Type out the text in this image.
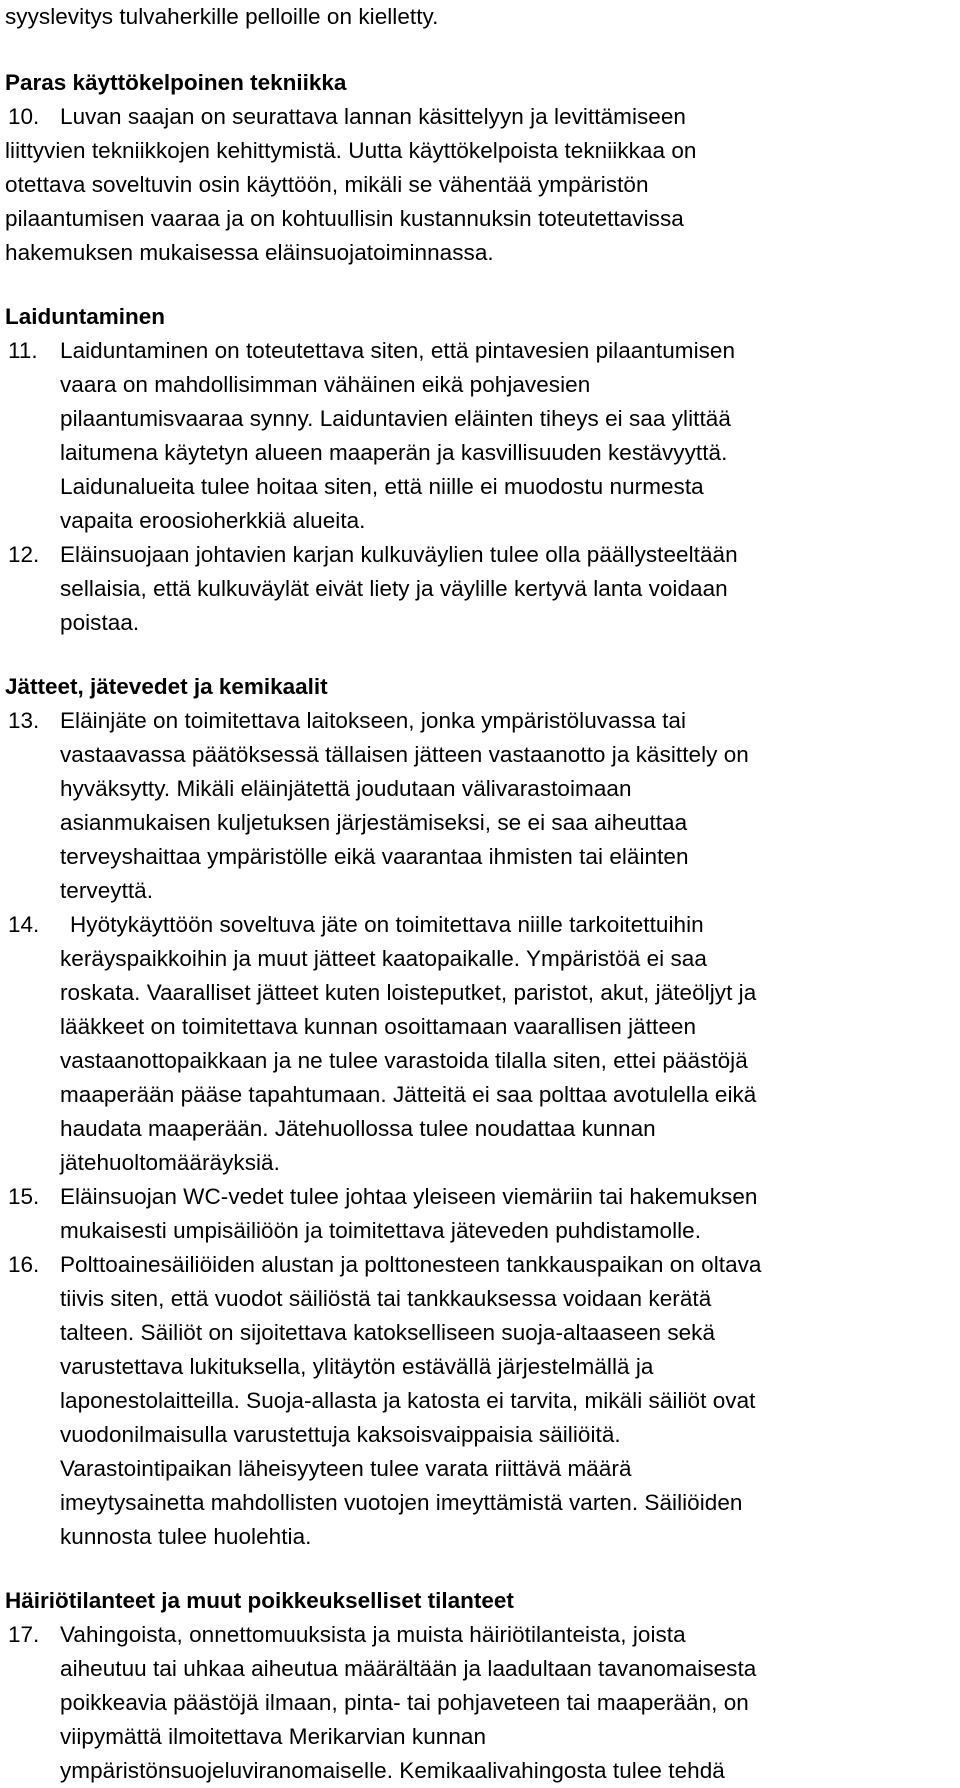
syyslevitys tulvaherkille pelloille on kielletty.
Paras käyttökelpoinen tekniikka
10. Luvan saajan on seurattava lannan käsittelyyn ja levittämiseen
liittyvien tekniikkojen kehittymistä. Uutta käyttökelpoista tekniikkaa on
otettava soveltuvin osin käyttöön, mikäli se vähentää ympäristön
pilaantumisen vaaraa ja on kohtuullisin kustannuksin toteutettavissa
hakemuksen mukaisessa eläinsuojatoiminnassa.
Laiduntaminen
11. Laiduntaminen on toteutettava siten, että pintavesien pilaantumisen
vaara on mahdollisimman vähäinen eikä pohjavesien
pilaantumisvaaraa synny. Laiduntavien eläinten tiheys ei saa ylittää
laitumena käytetyn alueen maaperän ja kasvillisuuden kestävyyttä.
Laidunalueita tulee hoitaa siten, että niille ei muodostu nurmesta
vapaita eroosioherkkiä alueita.
12. Eläinsuojaan johtavien karjan kulkuväylien tulee olla päällysteeltään
sellaisia, että kulkuväylät eivät liety ja väylille kertyvä lanta voidaan
poistaa.
Jätteet, jätevedet ja kemikaalit
13. Eläinjäte on toimitettava laitokseen, jonka ympäristöluvassa tai
vastaavassa päätöksessä tällaisen jätteen vastaanotto ja käsittely on
hyväksytty. Mikäli eläinjätettä joudutaan välivarastoimaan
asianmukaisen kuljetuksen järjestämiseksi, se ei saa aiheuttaa
terveyshaittaa ympäristölle eikä vaarantaa ihmisten tai eläinten
terveyttä.
14. Hyötykäyttöön soveltuva jäte on toimitettava niille tarkoitettuihin
keräyspaikkoihin ja muut jätteet kaatopaikalle. Ympäristöä ei saa
roskata. Vaaralliset jätteet kuten loisteputket, paristot, akut, jäteöljyt ja
lääkkeet on toimitettava kunnan osoittamaan vaarallisen jätteen
vastaanottopaikkaan ja ne tulee varastoida tilalla siten, ettei päästöjä
maaperään pääse tapahtumaan. Jätteitä ei saa polttaa avotulella eikä
haudata maaperään. Jätehuollossa tulee noudattaa kunnan
jätehuoltomääräyksiä.
15. Eläinsuojan WC-vedet tulee johtaa yleiseen viemäriin tai hakemuksen
mukaisesti umpisäiliöön ja toimitettava jäteveden puhdistamolle.
16. Polttoainesäiliöiden alustan ja polttonesteen tankkauspaikan on oltava
tiivis siten, että vuodot säiliöstä tai tankkauksessa voidaan kerätä
talteen. Säiliöt on sijoitettava katokselliseen suoja-altaaseen sekä
varustettava lukituksella, ylitäytön estävällä järjestelmällä ja
laponestolaitteilla. Suoja-allasta ja katosta ei tarvita, mikäli säiliöt ovat
vuodonilmaisulla varustettuja kaksoisvaippaisia säiliöitä.
Varastointipaikan läheisyyteen tulee varata riittävä määrä
imeytysainetta mahdollisten vuotojen imeyttämistä varten. Säiliöiden
kunnosta tulee huolehtia.
Häiriötilanteet ja muut poikkeukselliset tilanteet
17. Vahingoista, onnettomuuksista ja muista häiriötilanteista, joista
aiheutuu tai uhkaa aiheutua määrältään ja laadultaan tavanomaisesta
poikkeavia päästöjä ilmaan, pinta- tai pohjaveteen tai maaperään, on
viipymättä ilmoitettava Merikarvian kunnan
ympäristönsuojeluviranomaiselle. Kemikaalivahingosta tulee tehdä
